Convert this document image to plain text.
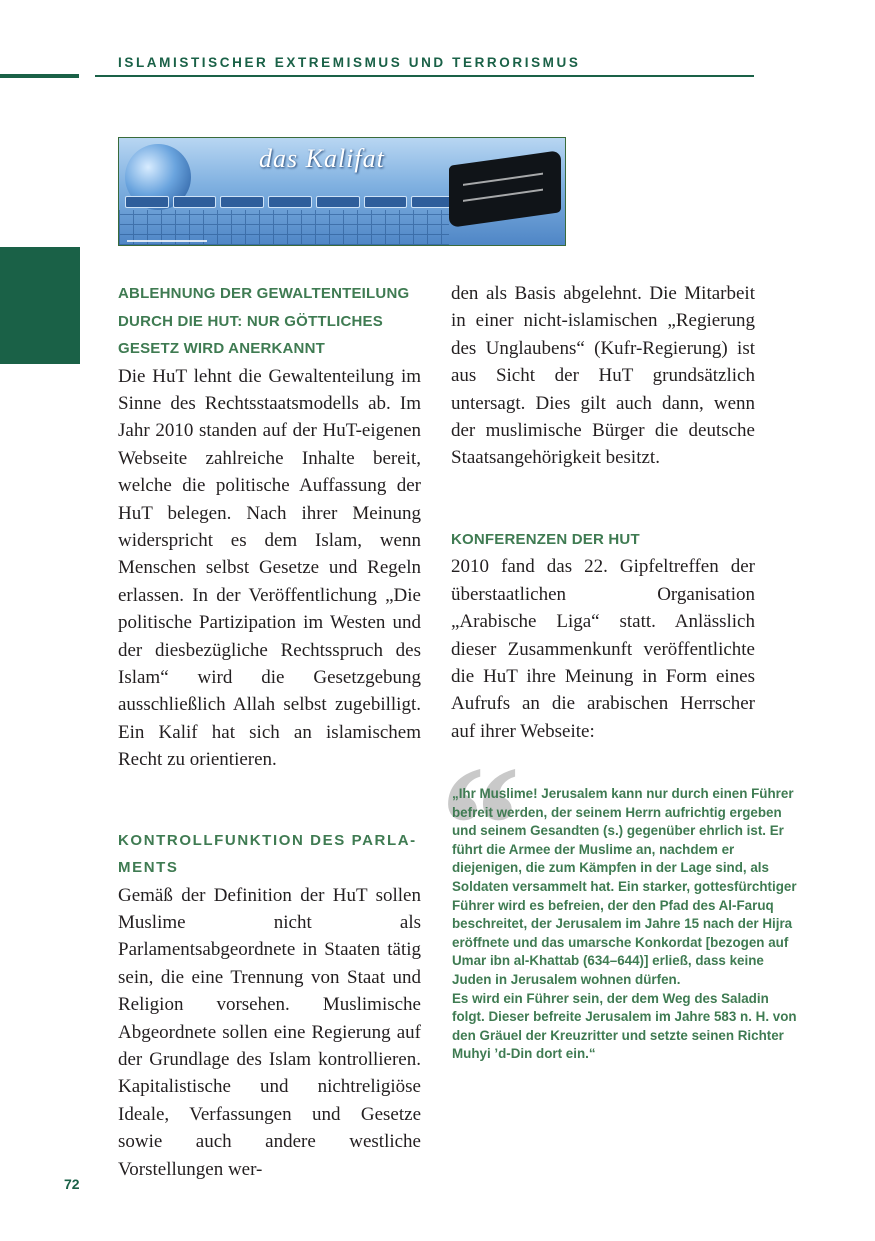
ISLAMISTISCHER EXTREMISMUS UND TERRORISMUS
das Kalifat
ABLEHNUNG DER GEWALTENTEILUNG
DURCH DIE HUT: NUR GÖTTLICHES
GESETZ WIRD ANERKANNT

Die HuT lehnt die Gewaltenteilung im Sinne des Rechtsstaatsmodells ab. Im Jahr 2010 standen auf der HuT-eigenen Webseite zahlreiche Inhalte bereit, welche die politische Auffassung der HuT belegen. Nach ihrer Meinung widerspricht es dem Islam, wenn Menschen selbst Gesetze und Regeln erlassen. In der Veröffentlichung „Die politische Partizipation im Westen und der diesbezügliche Rechtsspruch des Islam“ wird die Gesetzgebung ausschließlich Allah selbst zugebilligt. Ein Kalif hat sich an islamischem Recht zu orientieren.

KONTROLLFUNKTION DES PARLA-
MENTS

Gemäß der Definition der HuT sollen Muslime nicht als Parlamentsabgeordnete in Staaten tätig sein, die eine Trennung von Staat und Religion vorsehen. Muslimische Abgeordnete sollen eine Regierung auf der Grundlage des Islam kontrollieren. Kapitalistische und nichtreligiöse Ideale, Verfassungen und Gesetze sowie auch andere westliche Vorstellungen wer-

den als Basis abgelehnt. Die Mitarbeit in einer nicht-islamischen „Regierung des Unglaubens“ (Kufr-Regierung) ist aus Sicht der HuT grundsätzlich untersagt. Dies gilt auch dann, wenn der muslimische Bürger die deutsche Staatsangehörigkeit besitzt.

KONFERENZEN DER HUT

2010 fand das 22. Gipfeltreffen der überstaatlichen Organisation „Arabische Liga“ statt. Anlässlich dieser Zusammenkunft veröffentlichte die HuT ihre Meinung in Form eines Aufrufs an die arabischen Herrscher auf ihrer Webseite:

“

„Ihr Muslime! Jerusalem kann nur durch einen Führer befreit werden, der seinem Herrn aufrichtig ergeben und seinem Gesandten (s.) gegenüber ehrlich ist. Er führt die Armee der Muslime an, nachdem er diejenigen, die zum Kämpfen in der Lage sind, als Soldaten versammelt hat. Ein starker, gottesfürchtiger Führer wird es befreien, der den Pfad des Al-Faruq beschreitet, der Jerusalem im Jahre 15 nach der Hijra eröffnete und das umarsche Konkordat [bezogen auf Umar ibn al-Khattab (634–644)] erließ, dass keine Juden in Jerusalem wohnen dürfen.

Es wird ein Führer sein, der dem Weg des Saladin folgt. Dieser befreite Jerusalem im Jahre 583 n. H. von den Gräuel der Kreuzritter und setzte seinen Richter Muhyi ’d-Din dort ein.“

72
